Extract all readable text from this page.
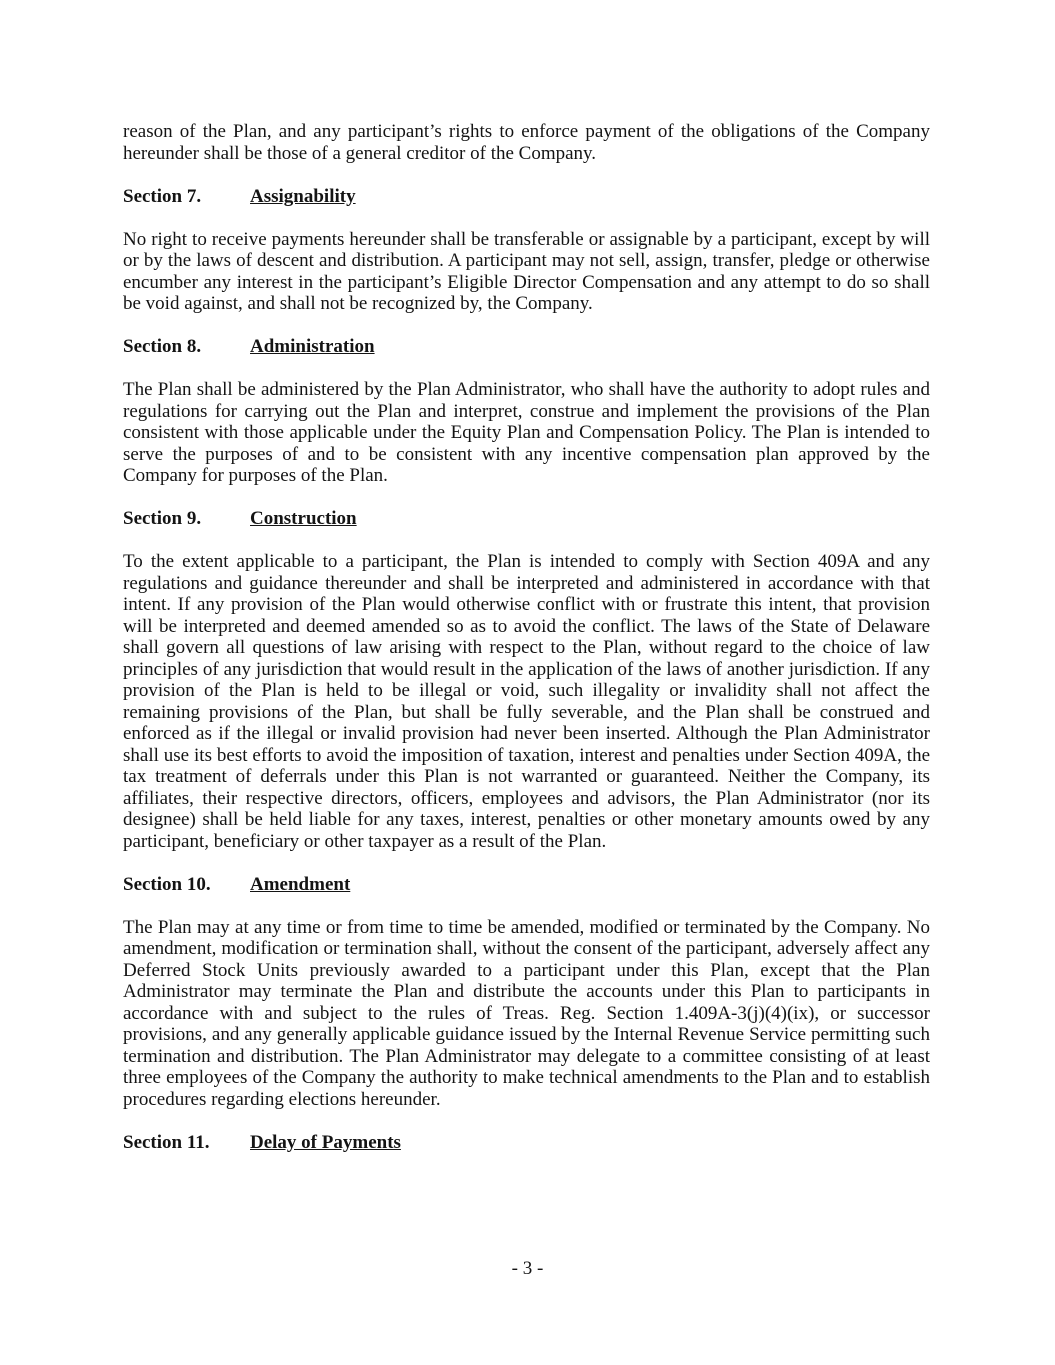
reason of the Plan, and any participant’s rights to enforce payment of the obligations of the Company hereunder shall be those of a general creditor of the Company.

Section 7.	Assignability

No right to receive payments hereunder shall be transferable or assignable by a participant, except by will or by the laws of descent and distribution. A participant may not sell, assign, transfer, pledge or otherwise encumber any interest in the participant’s Eligible Director Compensation and any attempt to do so shall be void against, and shall not be recognized by, the Company.

Section 8.	Administration

The Plan shall be administered by the Plan Administrator, who shall have the authority to adopt rules and regulations for carrying out the Plan and interpret, construe and implement the provisions of the Plan consistent with those applicable under the Equity Plan and Compensation Policy. The Plan is intended to serve the purposes of and to be consistent with any incentive compensation plan approved by the Company for purposes of the Plan.

Section 9.	Construction

To the extent applicable to a participant, the Plan is intended to comply with Section 409A and any regulations and guidance thereunder and shall be interpreted and administered in accordance with that intent. If any provision of the Plan would otherwise conflict with or frustrate this intent, that provision will be interpreted and deemed amended so as to avoid the conflict. The laws of the State of Delaware shall govern all questions of law arising with respect to the Plan, without regard to the choice of law principles of any jurisdiction that would result in the application of the laws of another jurisdiction. If any provision of the Plan is held to be illegal or void, such illegality or invalidity shall not affect the remaining provisions of the Plan, but shall be fully severable, and the Plan shall be construed and enforced as if the illegal or invalid provision had never been inserted. Although the Plan Administrator shall use its best efforts to avoid the imposition of taxation, interest and penalties under Section 409A, the tax treatment of deferrals under this Plan is not warranted or guaranteed. Neither the Company, its affiliates, their respective directors, officers, employees and advisors, the Plan Administrator (nor its designee) shall be held liable for any taxes, interest, penalties or other monetary amounts owed by any participant, beneficiary or other taxpayer as a result of the Plan.

Section 10. Amendment

The Plan may at any time or from time to time be amended, modified or terminated by the Company. No amendment, modification or termination shall, without the consent of the participant, adversely affect any Deferred Stock Units previously awarded to a participant under this Plan, except that the Plan Administrator may terminate the Plan and distribute the accounts under this Plan to participants in accordance with and subject to the rules of Treas. Reg. Section 1.409A-3(j)(4)(ix), or successor provisions, and any generally applicable guidance issued by the Internal Revenue Service permitting such termination and distribution. The Plan Administrator may delegate to a committee consisting of at least three employees of the Company the authority to make technical amendments to the Plan and to establish procedures regarding elections hereunder.

Section 11. Delay of Payments
- 3 -
